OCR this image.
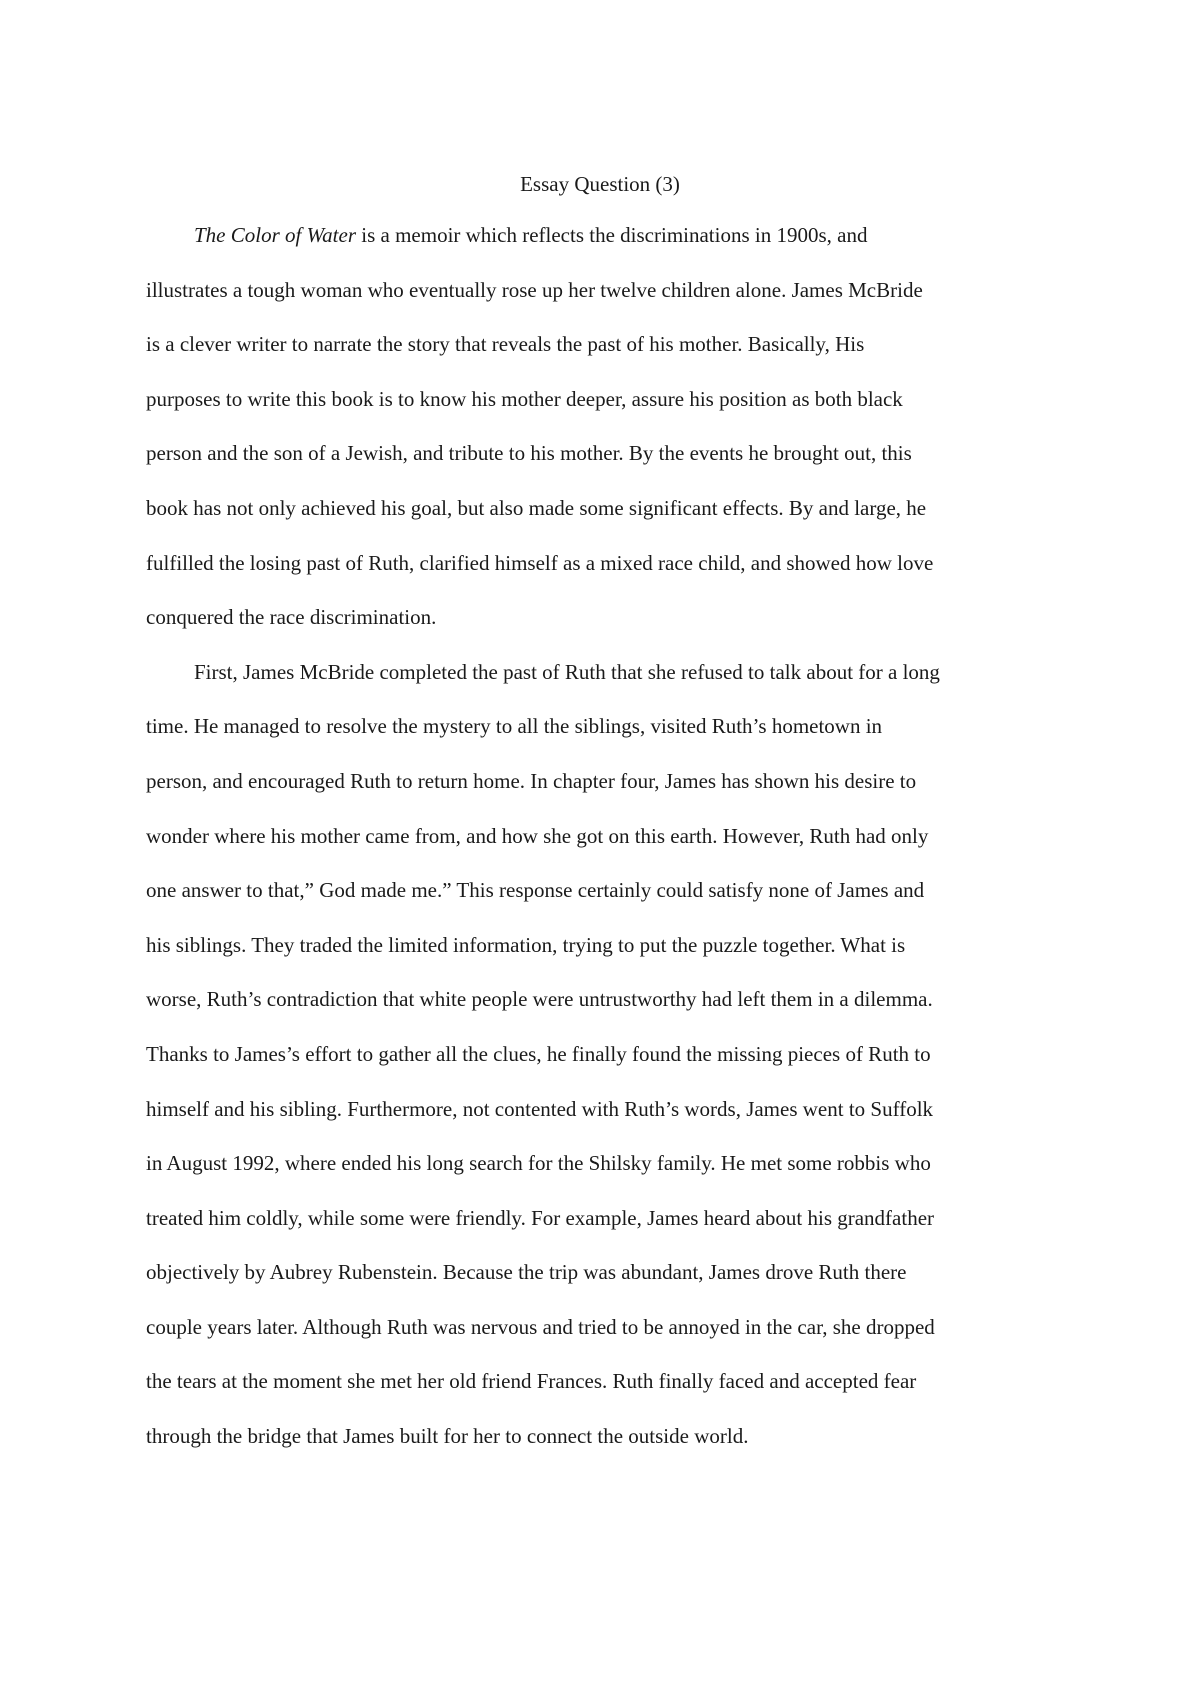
Essay Question (3)
The Color of Water is a memoir which reflects the discriminations in 1900s, and
illustrates a tough woman who eventually rose up her twelve children alone. James McBride
is a clever writer to narrate the story that reveals the past of his mother. Basically, His
purposes to write this book is to know his mother deeper, assure his position as both black
person and the son of a Jewish, and tribute to his mother. By the events he brought out, this
book has not only achieved his goal, but also made some significant effects. By and large, he
fulfilled the losing past of Ruth, clarified himself as a mixed race child, and showed how love
conquered the race discrimination.
First, James McBride completed the past of Ruth that she refused to talk about for a long
time. He managed to resolve the mystery to all the siblings, visited Ruth’s hometown in
person, and encouraged Ruth to return home. In chapter four, James has shown his desire to
wonder where his mother came from, and how she got on this earth. However, Ruth had only
one answer to that,” God made me.” This response certainly could satisfy none of James and
his siblings. They traded the limited information, trying to put the puzzle together. What is
worse, Ruth’s contradiction that white people were untrustworthy had left them in a dilemma.
Thanks to James’s effort to gather all the clues, he finally found the missing pieces of Ruth to
himself and his sibling. Furthermore, not contented with Ruth’s words, James went to Suffolk
in August 1992, where ended his long search for the Shilsky family. He met some robbis who
treated him coldly, while some were friendly. For example, James heard about his grandfather
objectively by Aubrey Rubenstein. Because the trip was abundant, James drove Ruth there
couple years later. Although Ruth was nervous and tried to be annoyed in the car, she dropped
the tears at the moment she met her old friend Frances. Ruth finally faced and accepted fear
through the bridge that James built for her to connect the outside world.
